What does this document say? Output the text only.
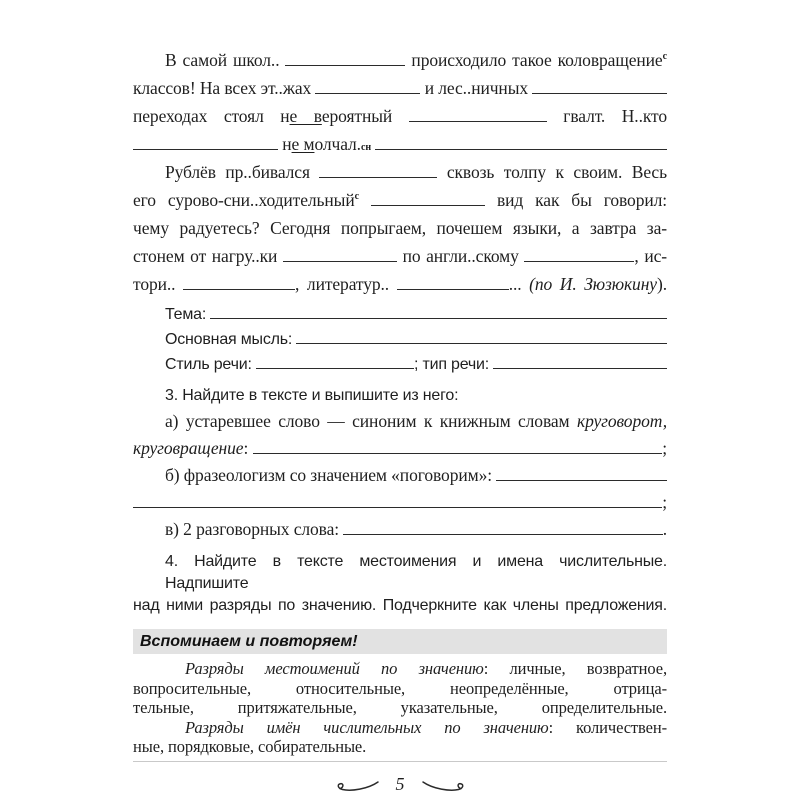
В самой школ..	происходило такое коловращение$^с$
классов! На всех эт..жах	и лес..ничных
переходах стоял не вероятный	гвалт. Н..кто
н е м олчал. сн

Рублёв пр..бивался	сквозь толпу к своим. Весь
его сурово-сни..ходительный$^с$	вид как бы говорил:
чему радуетесь? Сегодня попрыгаем, почешем языки, а завтра за-
стонем от нагру..ки	по англи..скому	, ис-
тори..	, литератур..	... (по И. Зюзюкину).
Тема:
Основная мысль:
Стиль речи:	; тип речи:
3. Найдите в тексте и выпишите из него:
а) устаревшее слово — синоним к книжным словам круговорот,
круговращение :	;
б) фразеологизм со значением «поговорим»:
;
в) 2 разговорных слова:	.
4. Найдите в тексте местоимения и имена числительные. Надпишите
над ними разряды по значению. Подчеркните как члены предложения.
Вспоминаем и повторяем!
Разряды местоимений по значению: личные, возвратное,
вопросительные, относительные, неопределённые, отрица-
тельные, притяжательные, указательные, определительные.
Разряды имён числительных по значению: количествен-
ные, порядковые, собирательные.
5
